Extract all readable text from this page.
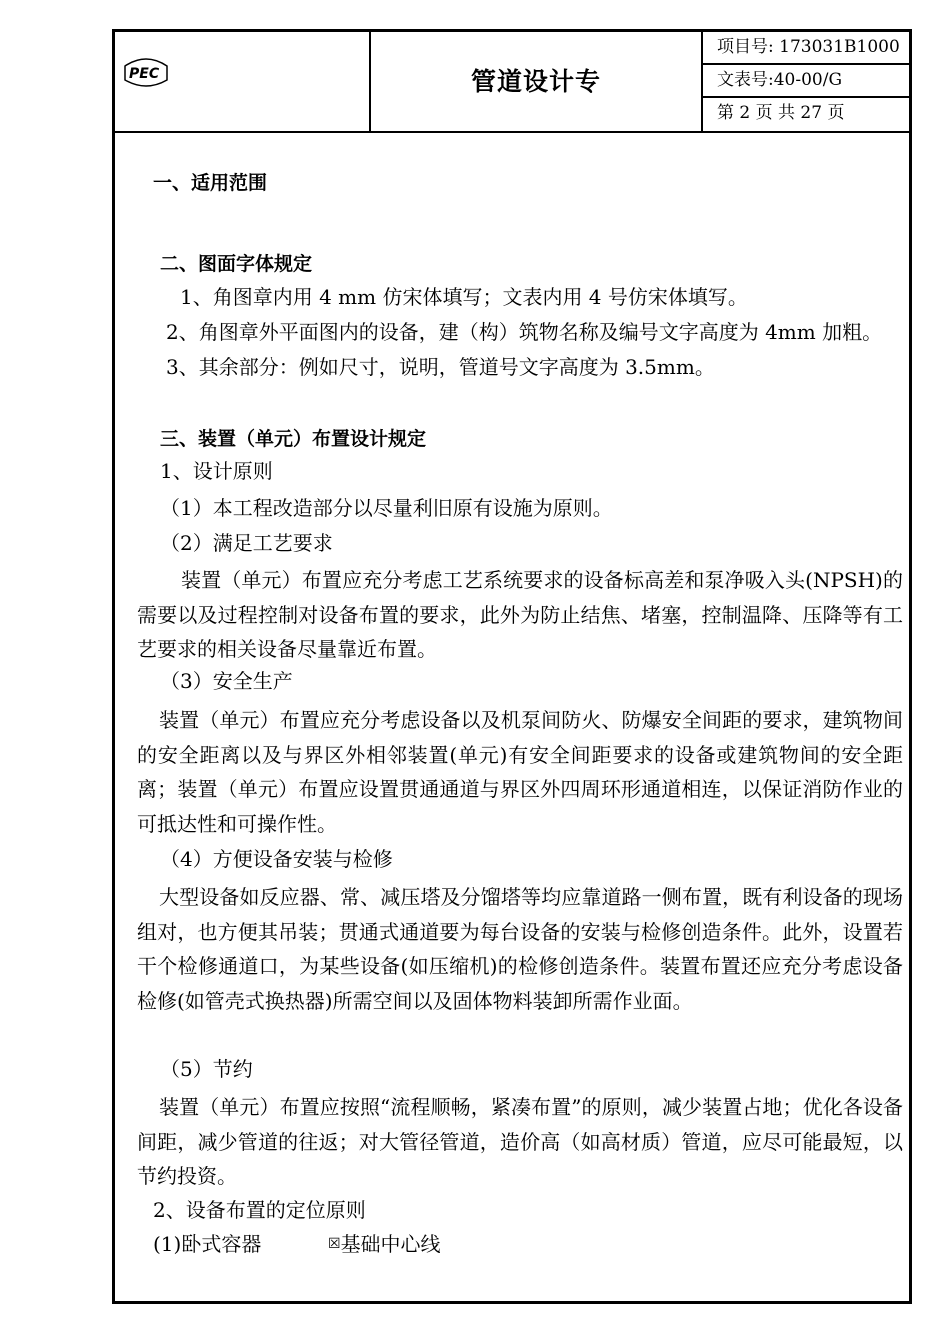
PEC	管道设计专
项目号: 173031B1000
文表号:40-00/G
第 2 页 共 27 页
一、适用范围
二、图面字体规定
1、角图章内用 4 mm 仿宋体填写；文表内用 4 号仿宋体填写。
2、角图章外平面图内的设备，建（构）筑物名称及编号文字高度为 4mm 加粗。
3、其余部分：例如尺寸，说明，管道号文字高度为 3.5mm。
三、装置（单元）布置设计规定
1、设计原则
（1）本工程改造部分以尽量利旧原有设施为原则。
（2）满足工艺要求
装置（单元）布置应充分考虑工艺系统要求的设备标高差和泵净吸入头(NPSH)的需要以及过程控制对设备布置的要求，此外为防止结焦、堵塞，控制温降、压降等有工艺要求的相关设备尽量靠近布置。
（3）安全生产
装置（单元）布置应充分考虑设备以及机泵间防火、防爆安全间距的要求，建筑物间的安全距离以及与界区外相邻装置(单元)有安全间距要求的设备或建筑物间的安全距离；装置（单元）布置应设置贯通通道与界区外四周环形通道相连，以保证消防作业的可抵达性和可操作性。
（4）方便设备安装与检修
大型设备如反应器、常、减压塔及分馏塔等均应靠道路一侧布置，既有利设备的现场组对，也方便其吊装；贯通式通道要为每台设备的安装与检修创造条件。此外，设置若干个检修通道口，为某些设备(如压缩机)的检修创造条件。装置布置还应充分考虑设备检修(如管壳式换热器)所需空间以及固体物料装卸所需作业面。
（5）节约
装置（单元）布置应按照“流程顺畅，紧凑布置”的原则，减少装置占地；优化各设备间距，减少管道的往返；对大管径管道，造价高（如高材质）管道，应尽可能最短，以节约投资。
2、设备布置的定位原则
(1)卧式容器	☒基础中心线
